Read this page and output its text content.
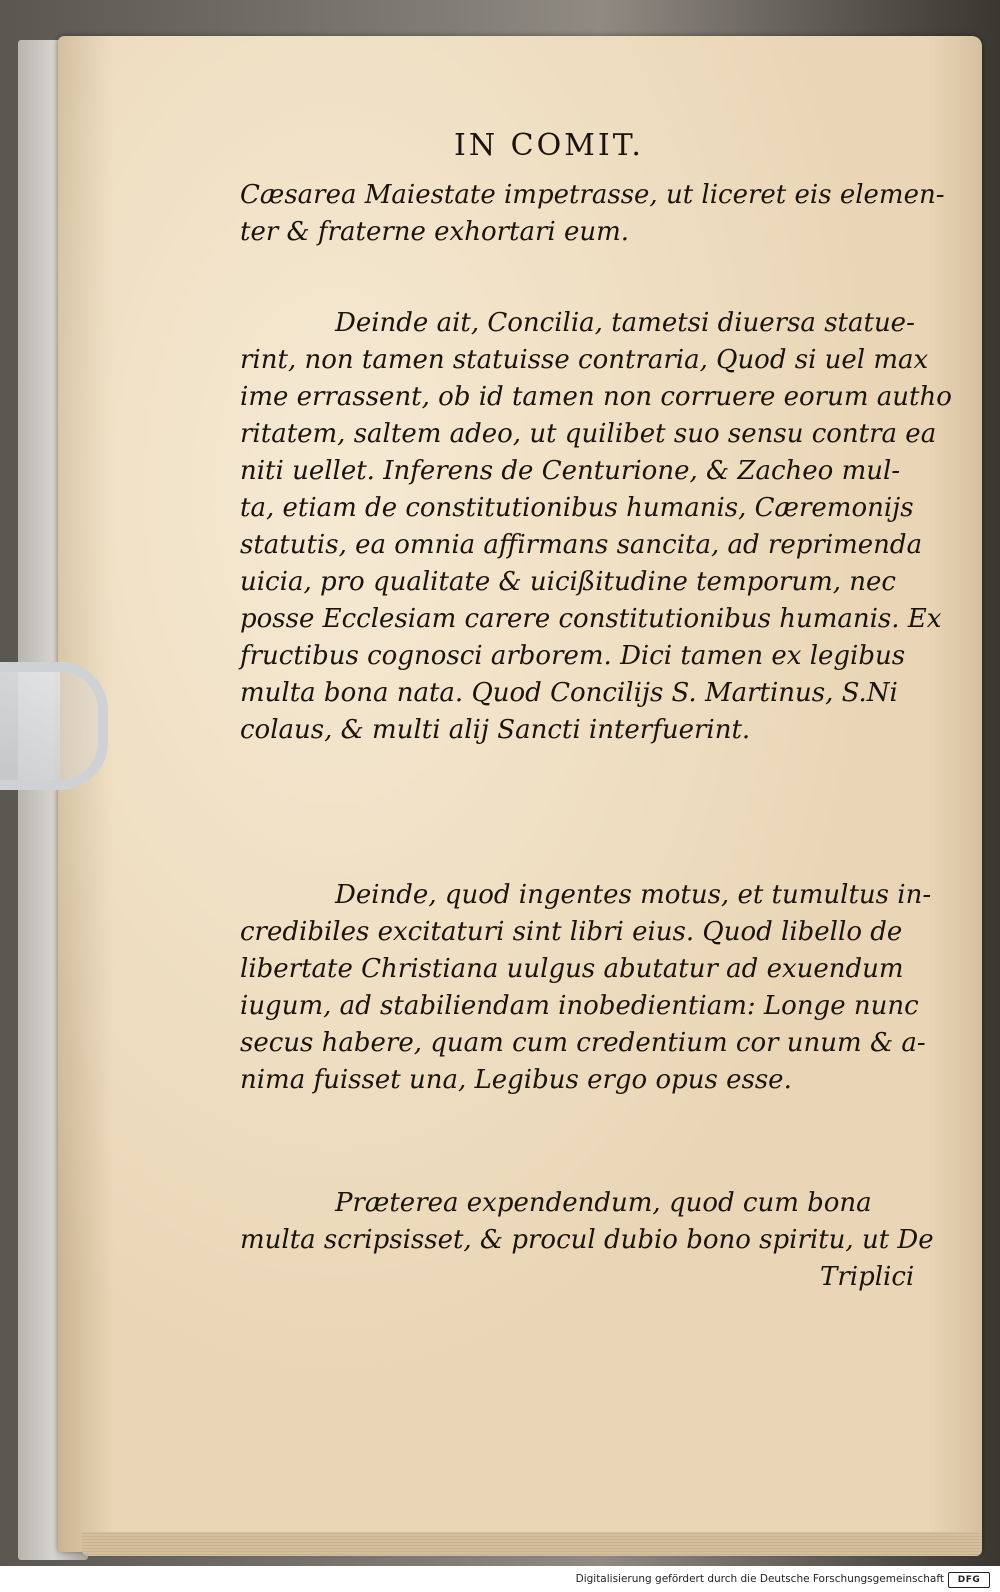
IN COMIT.
Cæsarea Maiestate impetrasse, ut liceret eis elemen-
ter & fraterne exhortari eum.
Deinde ait, Concilia, tametsi diuersa statue-
rint, non tamen statuisse contraria, Quod si uel max
ime errassent, ob id tamen non corruere eorum autho
ritatem, saltem adeo, ut quilibet suo sensu contra ea
niti uellet. Inferens de Centurione, & Zacheo mul-
ta, etiam de constitutionibus humanis, Cæremonijs
statutis, ea omnia affirmans sancita, ad reprimenda
uicia, pro qualitate & uicißitudine temporum, nec
posse Ecclesiam carere constitutionibus humanis. Ex
fructibus cognosci arborem. Dici tamen ex legibus
multa bona nata. Quod Concilijs S. Martinus, S.Ni
colaus, & multi alij Sancti interfuerint.
Deinde, quod ingentes motus, et tumultus in-
credibiles excitaturi sint libri eius. Quod libello de
libertate Christiana uulgus abutatur ad exuendum
iugum, ad stabiliendam inobedientiam: Longe nunc
secus habere, quam cum credentium cor unum & a-
nima fuisset una, Legibus ergo opus esse.
Præterea expendendum, quod cum bona
multa scripsisset, & procul dubio bono spiritu, ut De
Triplici
Digitalisierung gefördert durch die Deutsche Forschungsgemeinschaft	DFG
